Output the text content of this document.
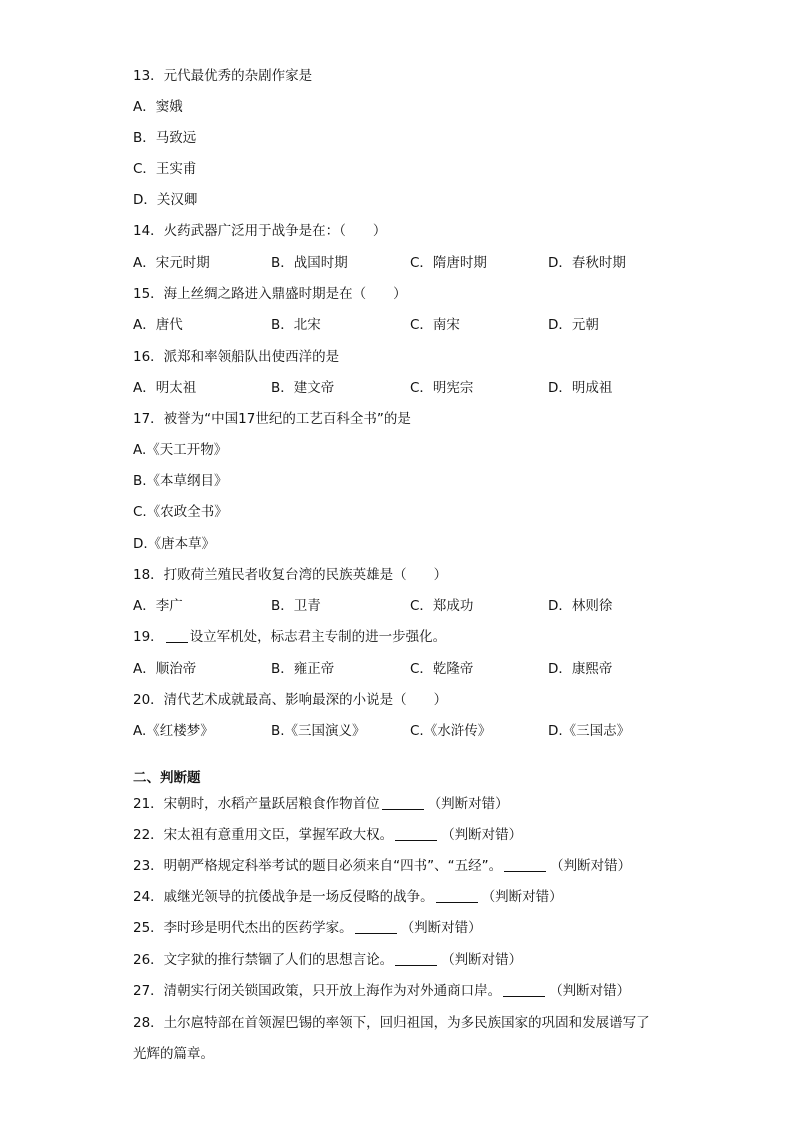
13．元代最优秀的杂剧作家是
A．窦娥
B．马致远
C．王实甫
D．关汉卿
14．火药武器广泛用于战争是在：（　　）
A．宋元时期	B．战国时期	C．隋唐时期	D．春秋时期
15．海上丝绸之路进入鼎盛时期是在（　　）
A．唐代	B．北宋	C．南宋	D．元朝
16．派郑和率领船队出使西洋的是
A．明太祖	B．建文帝	C．明宪宗	D．明成祖
17．被誉为“中国17世纪的工艺百科全书”的是
A.《天工开物》
B.《本草纲目》
C.《农政全书》
D.《唐本草》
18．打败荷兰殖民者收复台湾的民族英雄是（　　）
A．李广	B．卫青	C．郑成功	D．林则徐
19． 设立军机处，标志君主专制的进一步强化。
A．顺治帝	B．雍正帝	C．乾隆帝	D．康熙帝
20．清代艺术成就最高、影响最深的小说是（　　）
A.《红楼梦》	B.《三国演义》	C.《水浒传》	D.《三国志》
二、判断题
21．宋朝时，水稻产量跃居粮食作物首位	（判断对错）
22．宋太祖有意重用文臣，掌握军政大权。	（判断对错）
23．明朝严格规定科举考试的题目必须来自“四书”、“五经”。	（判断对错）
24．戚继光领导的抗倭战争是一场反侵略的战争。	（判断对错）
25．李时珍是明代杰出的医药学家。	（判断对错）
26．文字狱的推行禁锢了人们的思想言论。	（判断对错）
27．清朝实行闭关锁国政策，只开放上海作为对外通商口岸。	（判断对错）
28．土尔扈特部在首领渥巴锡的率领下，回归祖国，为多民族国家的巩固和发展谱写了
光辉的篇章。
